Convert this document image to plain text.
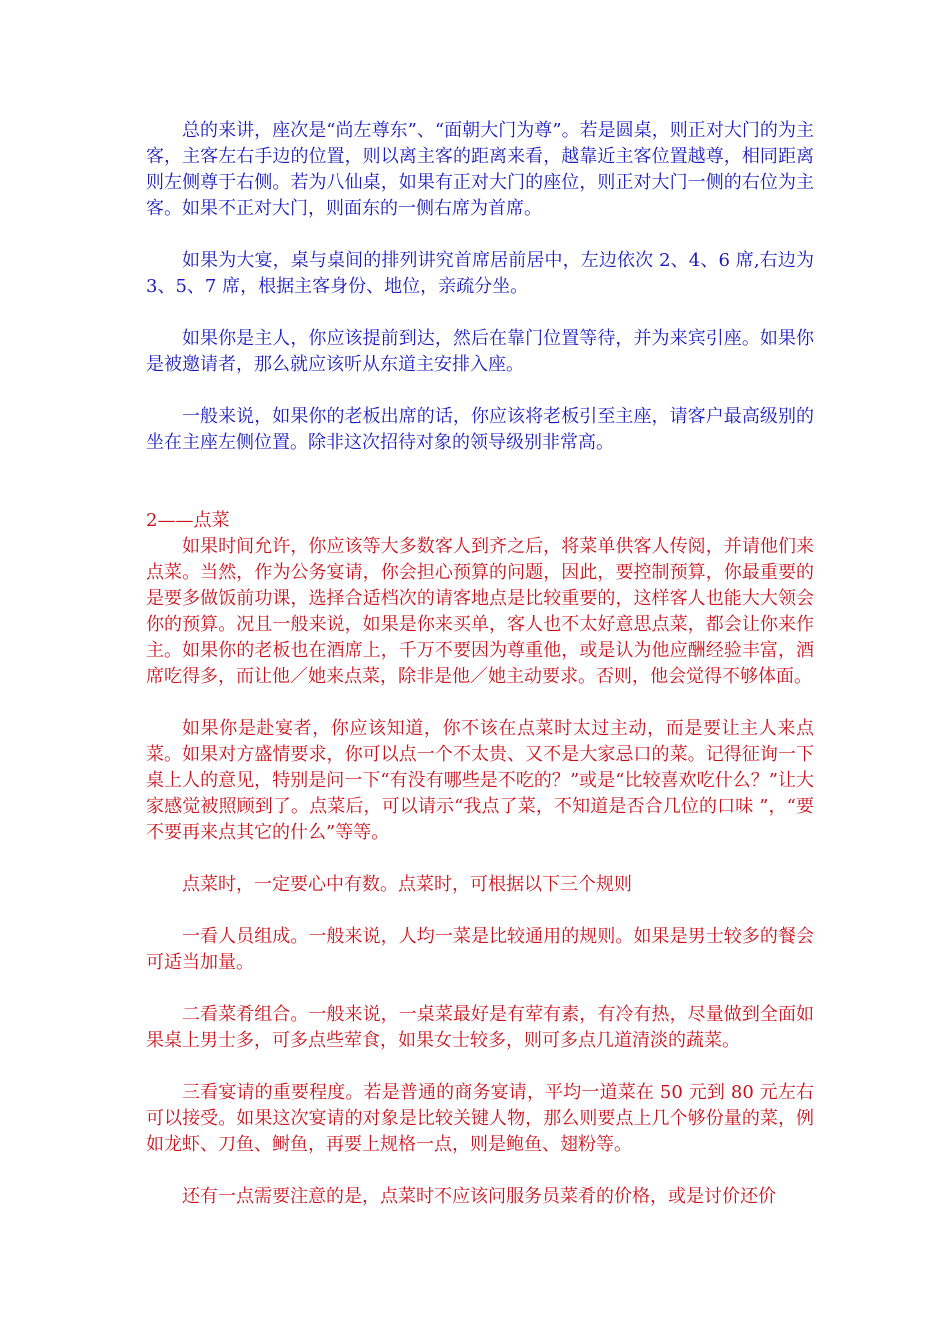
总的来讲，座次是“尚左尊东”、“面朝大门为尊”。若是圆桌，则正对大门的为主客，主客左右手边的位置，则以离主客的距离来看，越靠近主客位置越尊，相同距离则左侧尊于右侧。若为八仙桌，如果有正对大门的座位，则正对大门一侧的右位为主客。如果不正对大门，则面东的一侧右席为首席。

如果为大宴，桌与桌间的排列讲究首席居前居中，左边依次 2、4、6 席,右边为 3、5、7 席，根据主客身份、地位，亲疏分坐。

如果你是主人，你应该提前到达，然后在靠门位置等待，并为来宾引座。如果你是被邀请者，那么就应该听从东道主安排入座。

一般来说，如果你的老板出席的话，你应该将老板引至主座，请客户最高级别的坐在主座左侧位置。除非这次招待对象的领导级别非常高。

2——点菜

如果时间允许，你应该等大多数客人到齐之后，将菜单供客人传阅，并请他们来点菜。当然，作为公务宴请，你会担心预算的问题，因此，要控制预算，你最重要的是要多做饭前功课，选择合适档次的请客地点是比较重要的，这样客人也能大大领会你的预算。况且一般来说，如果是你来买单，客人也不太好意思点菜，都会让你来作主。如果你的老板也在酒席上，千万不要因为尊重他，或是认为他应酬经验丰富，酒席吃得多，而让他／她来点菜，除非是他／她主动要求。否则，他会觉得不够体面。

如果你是赴宴者，你应该知道，你不该在点菜时太过主动，而是要让主人来点菜。如果对方盛情要求，你可以点一个不太贵、又不是大家忌口的菜。记得征询一下桌上人的意见，特别是问一下“有没有哪些是不吃的？”或是“比较喜欢吃什么？”让大家感觉被照顾到了。点菜后，可以请示“我点了菜，不知道是否合几位的口味 ”，“要不要再来点其它的什么”等等。

点菜时，一定要心中有数。点菜时，可根据以下三个规则

一看人员组成。一般来说，人均一菜是比较通用的规则。如果是男士较多的餐会可适当加量。

二看菜肴组合。一般来说，一桌菜最好是有荤有素，有冷有热，尽量做到全面如果桌上男士多，可多点些荤食，如果女士较多，则可多点几道清淡的蔬菜。

三看宴请的重要程度。若是普通的商务宴请，平均一道菜在 50 元到 80 元左右可以接受。如果这次宴请的对象是比较关键人物，那么则要点上几个够份量的菜，例如龙虾、刀鱼、鲥鱼，再要上规格一点，则是鲍鱼、翅粉等。

还有一点需要注意的是，点菜时不应该问服务员菜肴的价格，或是讨价还价
